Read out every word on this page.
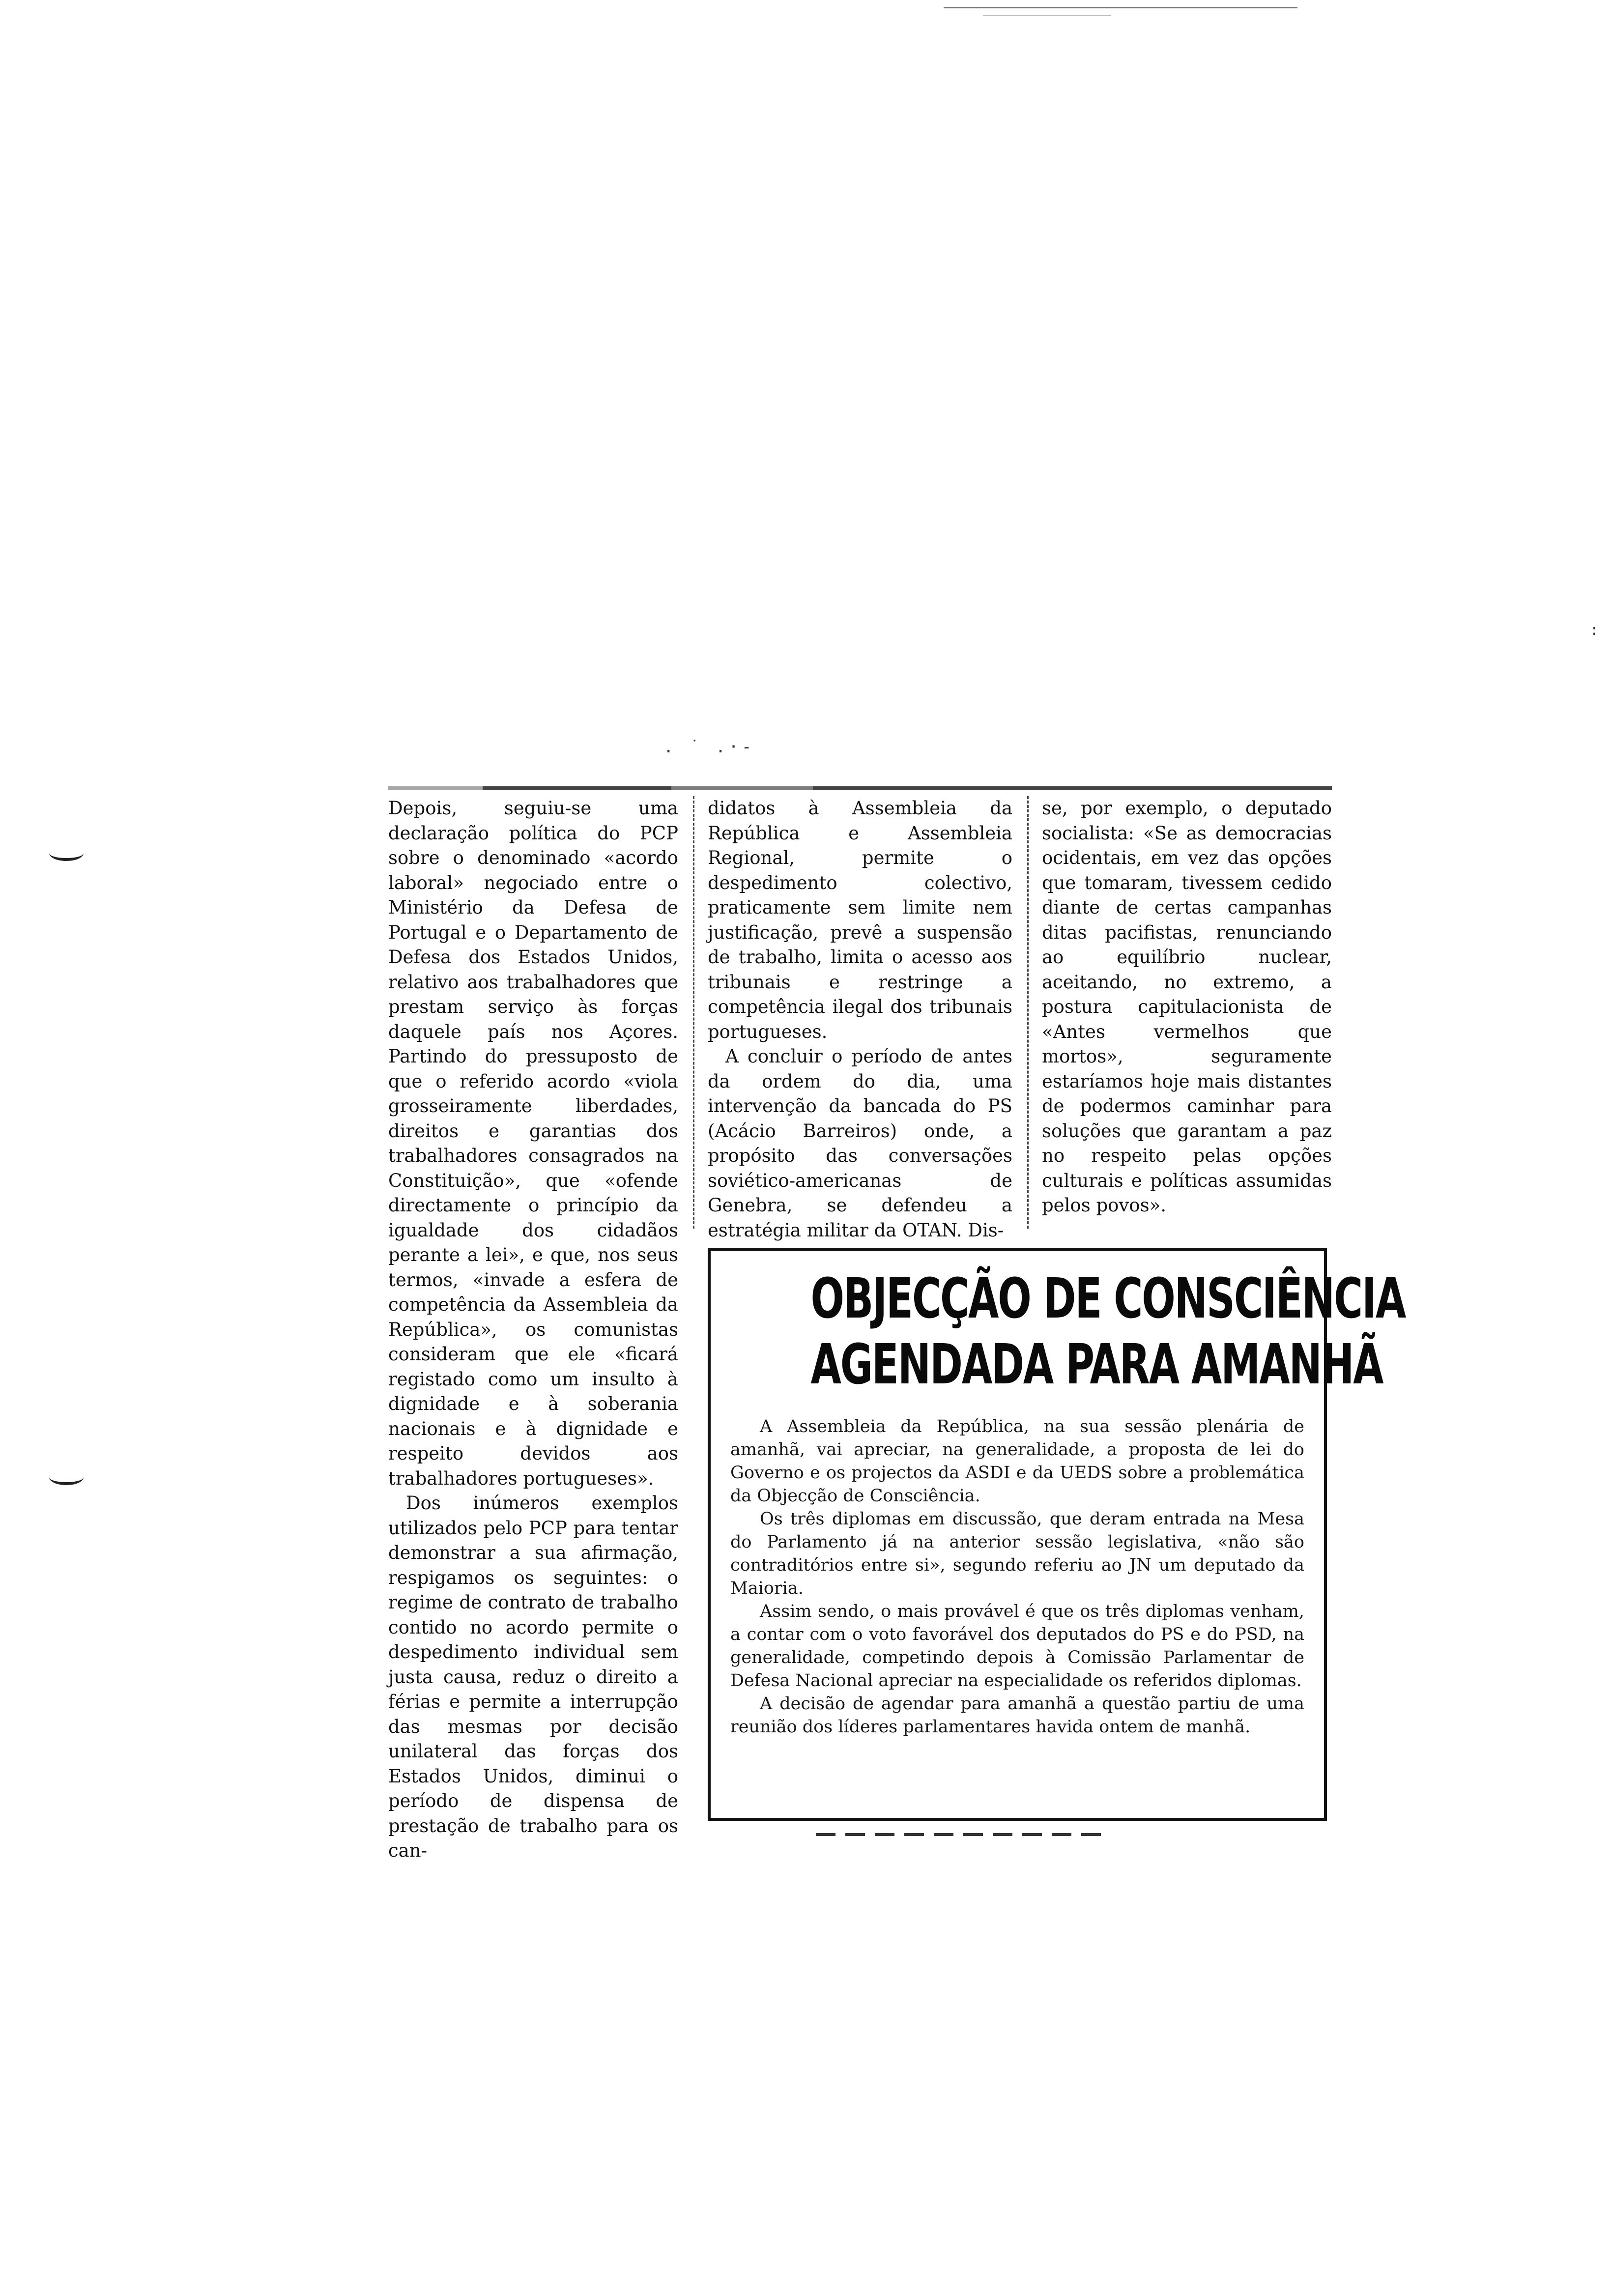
. ˙ .·-
:

Depois, seguiu-se uma declaração política do PCP sobre o denominado «acordo laboral» negociado entre o Ministério da Defesa de Portugal e o Departamento de Defesa dos Estados Unidos, relativo aos trabalhadores que prestam serviço às forças daquele país nos Açores. Partindo do pressuposto de que o referido acordo «viola grosseiramente liberdades, direitos e garantias dos trabalhadores consagrados na Constituição», que «ofende directamente o princípio da igualdade dos cidadãos perante a lei», e que, nos seus termos, «invade a esfera de competência da Assembleia da República», os comunistas consideram que ele «ficará registado como um insulto à dignidade e à soberania nacionais e à dignidade e respeito devidos aos trabalhadores portugueses».

Dos inúmeros exemplos utilizados pelo PCP para tentar demonstrar a sua afirmação, respigamos os seguintes: o regime de contrato de trabalho contido no acordo permite o despedimento individual sem justa causa, reduz o direito a férias e permite a interrupção das mesmas por decisão unilateral das forças dos Estados Unidos, diminui o período de dispensa de prestação de trabalho para os can-

didatos à Assembleia da República e Assembleia Regional, permite o despedimento colectivo, praticamente sem limite nem justificação, prevê a suspensão de trabalho, limita o acesso aos tribunais e restringe a competência ilegal dos tribunais portugueses.

A concluir o período de antes da ordem do dia, uma intervenção da bancada do PS (Acácio Barreiros) onde, a propósito das conversações soviético-americanas de Genebra, se defendeu a estratégia militar da OTAN. Dis-

se, por exemplo, o deputado socialista: «Se as democracias ocidentais, em vez das opções que tomaram, tivessem cedido diante de certas campanhas ditas pacifistas, renunciando ao equilíbrio nuclear, aceitando, no extremo, a postura capitulacionista de «Antes vermelhos que mortos», seguramente estaríamos hoje mais distantes de podermos caminhar para soluções que garantam a paz no respeito pelas opções culturais e políticas assumidas pelos povos».

OBJECÇÃO DE CONSCIÊNCIA
AGENDADA PARA AMANHÃ

A Assembleia da República, na sua sessão plenária de amanhã, vai apreciar, na generalidade, a proposta de lei do Governo e os projectos da ASDI e da UEDS sobre a problemática da Objecção de Consciência.

Os três diplomas em discussão, que deram entrada na Mesa do Parlamento já na anterior sessão legislativa, «não são contraditórios entre si», segundo referiu ao JN um deputado da Maioria.

Assim sendo, o mais provável é que os três diplomas venham, a contar com o voto favorável dos deputados do PS e do PSD, na generalidade, competindo depois à Comissão Parlamentar de Defesa Nacional apreciar na especialidade os referidos diplomas.

A decisão de agendar para amanhã a questão partiu de uma reunião dos líderes parlamentares havida ontem de manhã.
